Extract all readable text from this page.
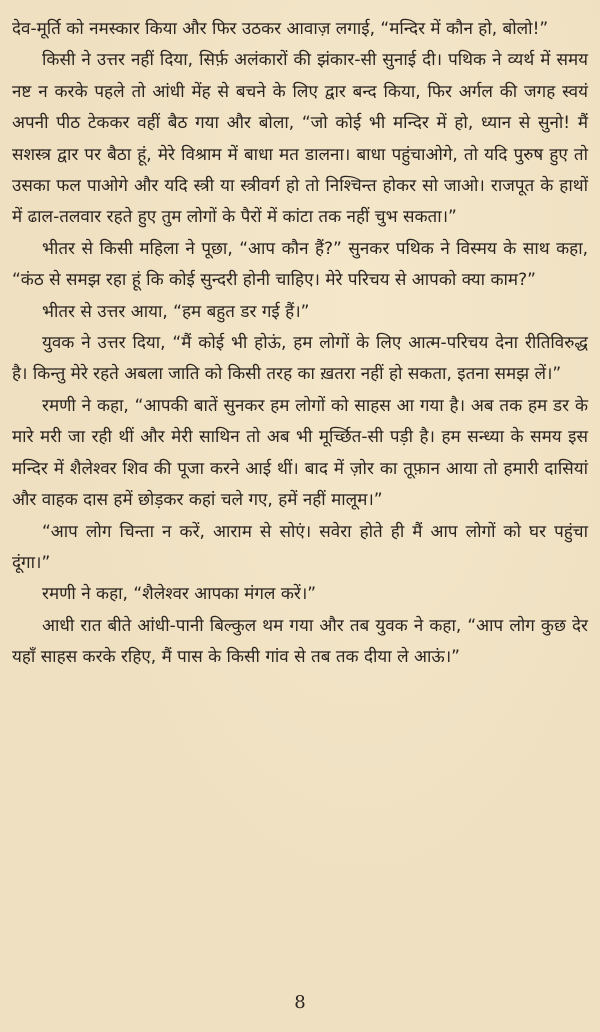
देव-मूर्ति को नमस्कार किया और फिर उठकर आवाज़ लगाई, “मन्दिर में कौन हो, बोलो!”

किसी ने उत्तर नहीं दिया, सिर्फ़ अलंकारों की झंकार-सी सुनाई दी। पथिक ने व्यर्थ में समय नष्ट न करके पहले तो आंधी मेंह से बचने के लिए द्वार बन्द किया, फिर अर्गल की जगह स्वयं अपनी पीठ टेककर वहीं बैठ गया और बोला, “जो कोई भी मन्दिर में हो, ध्यान से सुनो! मैं सशस्त्र द्वार पर बैठा हूं, मेरे विश्राम में बाधा मत डालना। बाधा पहुंचाओगे, तो यदि पुरुष हुए तो उसका फल पाओगे और यदि स्त्री या स्त्रीवर्ग हो तो निश्चिन्त होकर सो जाओ। राजपूत के हाथों में ढाल-तलवार रहते हुए तुम लोगों के पैरों में कांटा तक नहीं चुभ सकता।”

भीतर से किसी महिला ने पूछा, “आप कौन हैं?” सुनकर पथिक ने विस्मय के साथ कहा, “कंठ से समझ रहा हूं कि कोई सुन्दरी होनी चाहिए। मेरे परिचय से आपको क्या काम?”

भीतर से उत्तर आया, “हम बहुत डर गई हैं।”

युवक ने उत्तर दिया, “मैं कोई भी होऊं, हम लोगों के लिए आत्म-परिचय देना रीतिविरुद्ध है। किन्तु मेरे रहते अबला जाति को किसी तरह का ख़तरा नहीं हो सकता, इतना समझ लें।”

रमणी ने कहा, “आपकी बातें सुनकर हम लोगों को साहस आ गया है। अब तक हम डर के मारे मरी जा रही थीं और मेरी साथिन तो अब भी मूर्च्छित-सी पड़ी है। हम सन्ध्या के समय इस मन्दिर में शैलेश्वर शिव की पूजा करने आई थीं। बाद में ज़ोर का तूफ़ान आया तो हमारी दासियां और वाहक दास हमें छोड़कर कहां चले गए, हमें नहीं मालूम।”

“आप लोग चिन्ता न करें, आराम से सोएं। सवेरा होते ही मैं आप लोगों को घर पहुंचा दूंगा।”

रमणी ने कहा, “शैलेश्वर आपका मंगल करें।”

आधी रात बीते आंधी-पानी बिल्कुल थम गया और तब युवक ने कहा, “आप लोग कुछ देर यहाँ साहस करके रहिए, मैं पास के किसी गांव से तब तक दीया ले आऊं।”

8
